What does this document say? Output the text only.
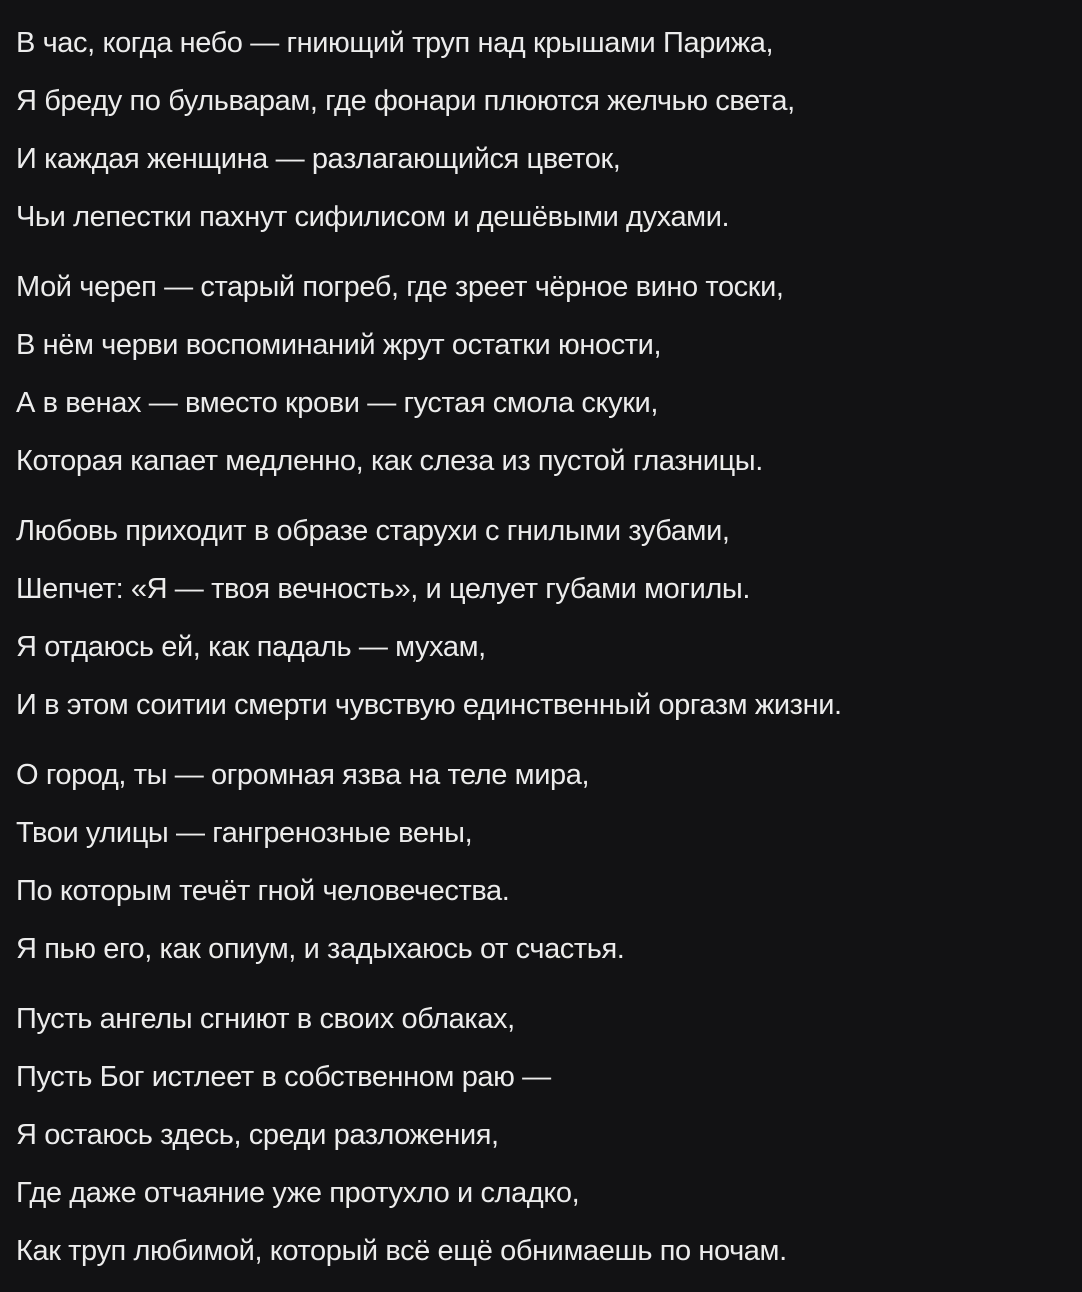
В час, когда небо — гниющий труп над крышами Парижа,
Я бреду по бульварам, где фонари плюются желчью света,
И каждая женщина — разлагающийся цветок,
Чьи лепестки пахнут сифилисом и дешёвыми духами.
Мой череп — старый погреб, где зреет чёрное вино тоски,
В нём черви воспоминаний жрут остатки юности,
А в венах — вместо крови — густая смола скуки,
Которая капает медленно, как слеза из пустой глазницы.
Любовь приходит в образе старухи с гнилыми зубами,
Шепчет: «Я — твоя вечность», и целует губами могилы.
Я отдаюсь ей, как падаль — мухам,
И в этом соитии смерти чувствую единственный оргазм жизни.
О город, ты — огромная язва на теле мира,
Твои улицы — гангренозные вены,
По которым течёт гной человечества.
Я пью его, как опиум, и задыхаюсь от счастья.
Пусть ангелы сгниют в своих облаках,
Пусть Бог истлеет в собственном раю —
Я остаюсь здесь, среди разложения,
Где даже отчаяние уже протухло и сладко,
Как труп любимой, который всё ещё обнимаешь по ночам.
